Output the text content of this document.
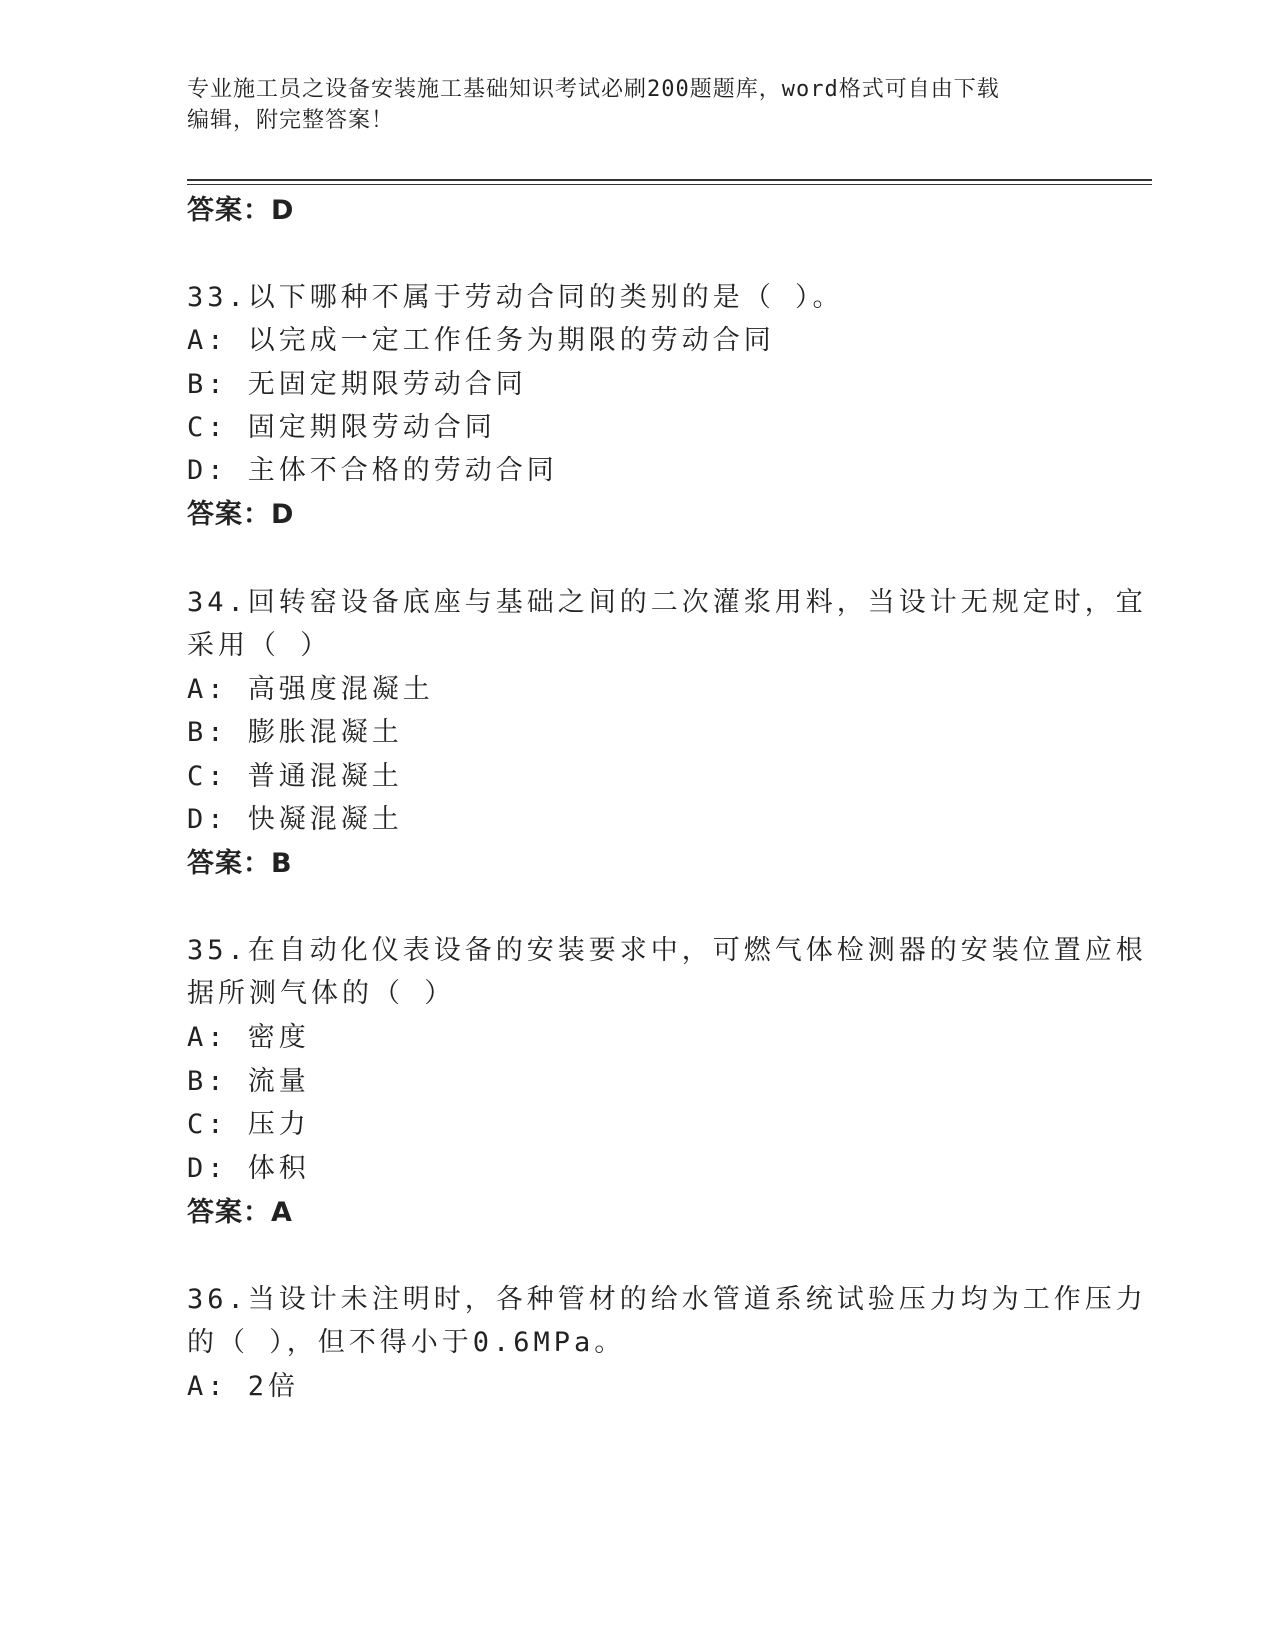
专业施工员之设备安装施工基础知识考试必刷200题题库，word格式可自由下载
编辑，附完整答案！
答案：D
33.以下哪种不属于劳动合同的类别的是（ ）。
A: 以完成一定工作任务为期限的劳动合同
B: 无固定期限劳动合同
C: 固定期限劳动合同
D: 主体不合格的劳动合同
答案：D
34.回转窑设备底座与基础之间的二次灌浆用料，当设计无规定时，宜
采用（ ）
A: 高强度混凝土
B: 膨胀混凝土
C: 普通混凝土
D: 快凝混凝土
答案：B
35.在自动化仪表设备的安装要求中，可燃气体检测器的安装位置应根
据所测气体的（ ）
A: 密度
B: 流量
C: 压力
D: 体积
答案：A
36.当设计未注明时，各种管材的给水管道系统试验压力均为工作压力
的（ ），但不得小于0.6MPa。
A: 2倍
